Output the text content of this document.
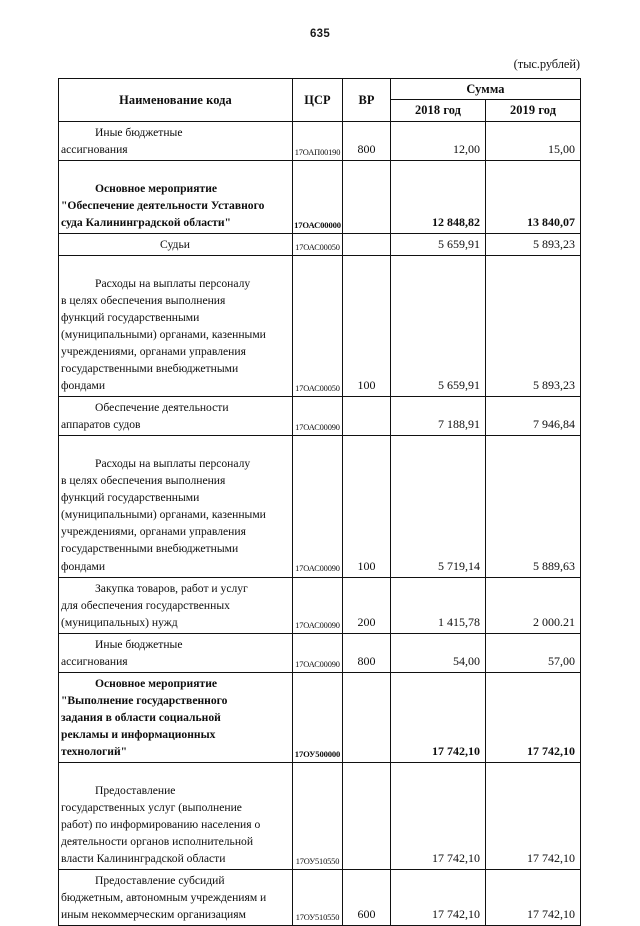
635
(тыс.рублей)
Наименование кода	ЦСР	ВР	Сумма	
			2018 год	2019 год

Иные бюджетные
ассигнования	17ОАП00190	800	12,00	15,00

Основное мероприятие
"Обеспечение деятельности Уставного
суда Калининградской области"	17ОАС00000		12 848,82	13 840,07

Судьи	17ОАС00050		5 659,91	5 893,23

Расходы на выплаты персоналу
в целях обеспечения выполнения
функций государственными
(муниципальными) органами, казенными
учреждениями, органами управления
государственными внебюджетными
фондами	17ОАС00050	100	5 659,91	5 893,23

Обеспечение деятельности
аппаратов судов	17ОАС00090		7 188,91	7 946,84

Расходы на выплаты персоналу
в целях обеспечения выполнения
функций государственными
(муниципальными) органами, казенными
учреждениями, органами управления
государственными внебюджетными
фондами	17ОАС00090	100	5 719,14	5 889,63

Закупка товаров, работ и услуг
для обеспечения государственных
(муниципальных) нужд	17ОАС00090	200	1 415,78	2 000.21

Иные бюджетные
ассигнования	17ОАС00090	800	54,00	57,00

Основное мероприятие
"Выполнение государственного
задания в области социальной
рекламы и информационных
технологий"	17ОУ500000		17 742,10	17 742,10

Предоставление
государственных услуг (выполнение
работ) по информированию населения о
деятельности органов исполнительной
власти Калининградской области	17ОУ510550		17 742,10	17 742,10

Предоставление субсидий
бюджетным, автономным учреждениям и
иным некоммерческим организациям	17ОУ510550	600	17 742,10	17 742,10
